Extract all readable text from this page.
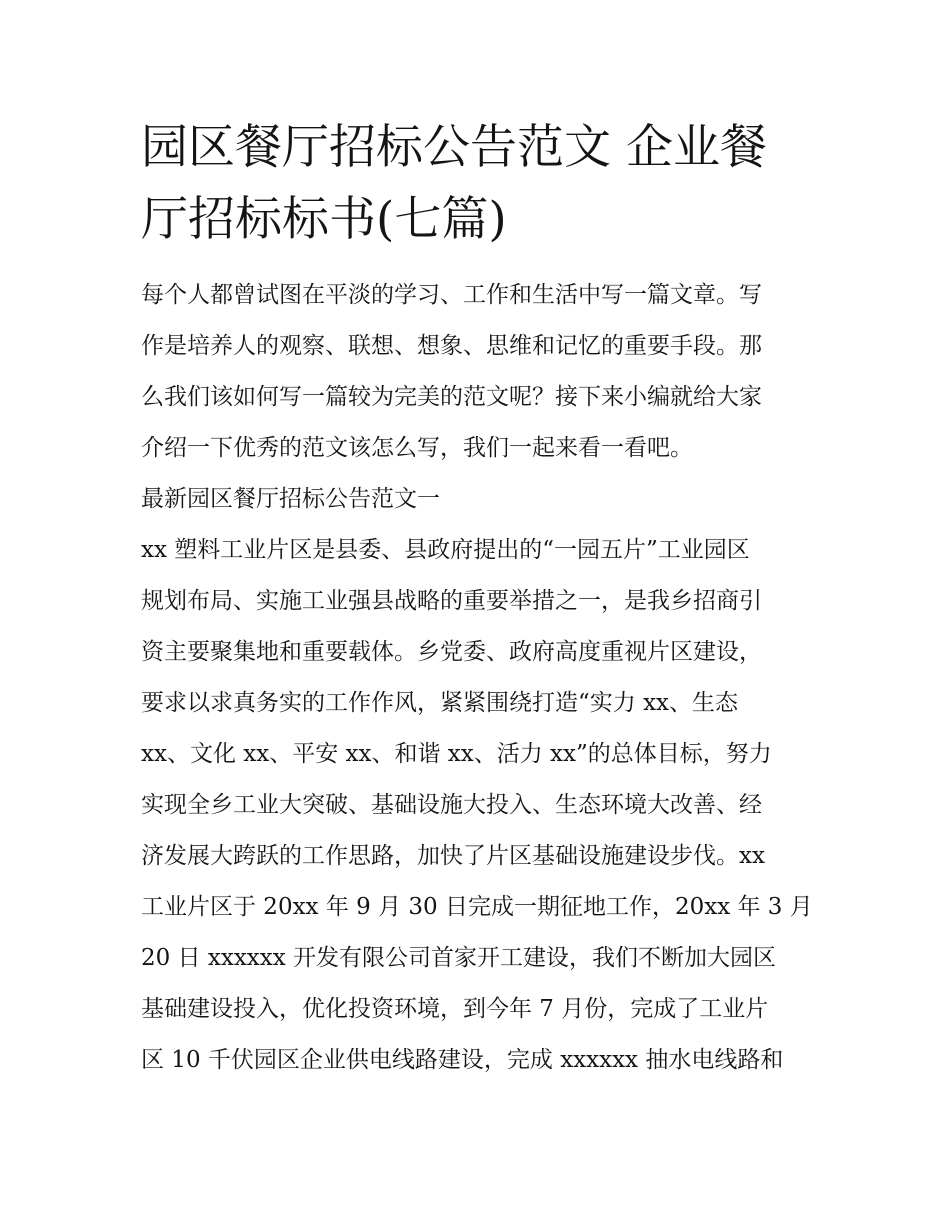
园区餐厅招标公告范文 企业餐
厅招标标书(七篇)
每个人都曾试图在平淡的学习、工作和生活中写一篇文章。写
作是培养人的观察、联想、想象、思维和记忆的重要手段。那
么我们该如何写一篇较为完美的范文呢？接下来小编就给大家
介绍一下优秀的范文该怎么写，我们一起来看一看吧。
最新园区餐厅招标公告范文一
xx 塑料工业片区是县委、县政府提出的“一园五片”工业园区
规划布局、实施工业强县战略的重要举措之一，是我乡招商引
资主要聚集地和重要载体。乡党委、政府高度重视片区建设，
要求以求真务实的工作作风，紧紧围绕打造“实力 xx、生态
xx、文化 xx、平安 xx、和谐 xx、活力 xx”的总体目标，努力
实现全乡工业大突破、基础设施大投入、生态环境大改善、经
济发展大跨跃的工作思路，加快了片区基础设施建设步伐。xx
工业片区于 20xx 年 9 月 30 日完成一期征地工作，20xx 年 3 月
20 日 xxxxxx 开发有限公司首家开工建设，我们不断加大园区
基础建设投入，优化投资环境，到今年 7 月份，完成了工业片
区 10 千伏园区企业供电线路建设，完成 xxxxxx 抽水电线路和
